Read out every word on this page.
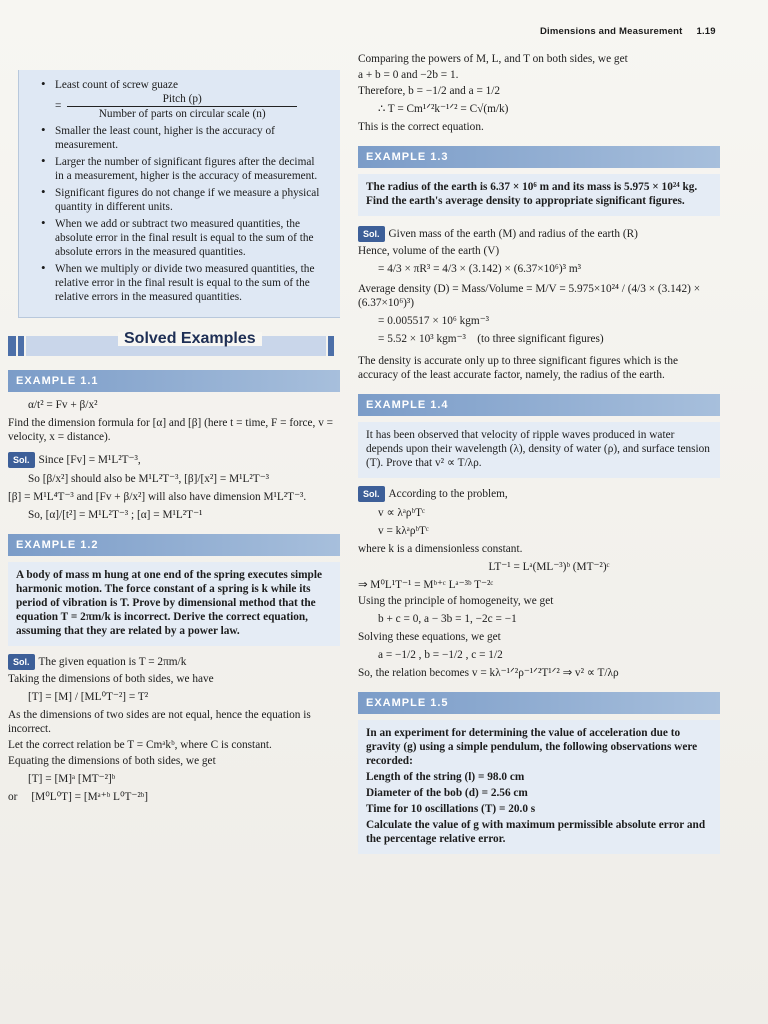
Dimensions and Measurement 1.19
• Least count of screw guaze
= $\frac{\text{Pitch (p)}}{\text{Number of parts on circular scale (n)}}$
• Smaller the least count, higher is the accuracy of measurement.
• Larger the number of significant figures after the decimal in a measurement, higher is the accuracy of measurement.
• Significant figures do not change if we measure a physical quantity in different units.
• When we add or subtract two measured quantities, the absolute error in the final result is equal to the sum of the absolute errors in the measured quantities.
• When we multiply or divide two measured quantities, the relative error in the final result is equal to the sum of the relative errors in the measured quantities.
Solved Examples
EXAMPLE 1.1

α/t² = Fv + β/x²

Find the dimension formula for [α] and [β] (here t = time, F = force, v = velocity, x = distance).

Sol. Since [Fv] = M¹L²T⁻³,

So [β/x²] should also be M¹L²T⁻³, [β]/[x²] = M¹L²T⁻³

[β] = M¹L⁴T⁻³ and [Fv + β/x²] will also have dimension M¹L²T⁻³.

So, [α]/[t²] = M¹L²T⁻³ ; [α] = M¹L²T⁻¹

EXAMPLE 1.2

A body of mass m hung at one end of the spring executes simple harmonic motion. The force constant of a spring is k while its period of vibration is T. Prove by dimensional method that the equation T = 2πm/k is incorrect. Derive the correct equation, assuming that they are related by a power law.

Sol. The given equation is T = 2πm/k

Taking the dimensions of both sides, we have

[T] = [M] / [ML⁰T⁻²] = T²

As the dimensions of two sides are not equal, hence the equation is incorrect.

Let the correct relation be T = Cmᵃkᵇ, where C is constant.

Equating the dimensions of both sides, we get

[T] = [M]ᵃ [MT⁻²]ᵇ

or [M⁰L⁰T] = [Mᵃ⁺ᵇ L⁰T⁻²ᵇ]

Comparing the powers of M, L, and T on both sides, we get

a + b = 0 and −2b = 1.

Therefore, b = −1/2 and a = 1/2

∴ T = Cm¹ᐟ²k⁻¹ᐟ² = C√(m/k)

This is the correct equation.

EXAMPLE 1.3

The radius of the earth is 6.37 × 10⁶ m and its mass is 5.975 × 10²⁴ kg. Find the earth's average density to appropriate significant figures.

Sol. Given mass of the earth (M) and radius of the earth (R)

Hence, volume of the earth (V)

= 4/3 × πR³ = 4/3 × (3.142) × (6.37×10⁶)³ m³

Average density (D) = Mass/Volume = M/V = 5.975×10²⁴ / (4/3 × (3.142) × (6.37×10⁶)³)

= 0.005517 × 10⁶ kgm⁻³

= 5.52 × 10³ kgm⁻³ (to three significant figures)

The density is accurate only up to three significant figures which is the accuracy of the least accurate factor, namely, the radius of the earth.

EXAMPLE 1.4

It has been observed that velocity of ripple waves produced in water depends upon their wavelength (λ), density of water (ρ), and surface tension (T). Prove that v² ∝ T/λρ.

Sol. According to the problem,

v ∝ λᵃρᵇTᶜ

v = kλᵃρᵇTᶜ

where k is a dimensionless constant.

LT⁻¹ = Lᵃ(ML⁻³)ᵇ (MT⁻²)ᶜ

⇒ M⁰L¹T⁻¹ = Mᵇ⁺ᶜ Lᵃ⁻³ᵇ T⁻²ᶜ

Using the principle of homogeneity, we get

b + c = 0, a − 3b = 1, −2c = −1

Solving these equations, we get

a = −1/2 , b = −1/2 , c = 1/2

So, the relation becomes v = kλ⁻¹ᐟ²ρ⁻¹ᐟ²T¹ᐟ² ⇒ v² ∝ T/λρ

EXAMPLE 1.5

In an experiment for determining the value of acceleration due to gravity (g) using a simple pendulum, the following observations were recorded:

Length of the string (l) = 98.0 cm

Diameter of the bob (d) = 2.56 cm

Time for 10 oscillations (T) = 20.0 s

Calculate the value of g with maximum permissible absolute error and the percentage relative error.
